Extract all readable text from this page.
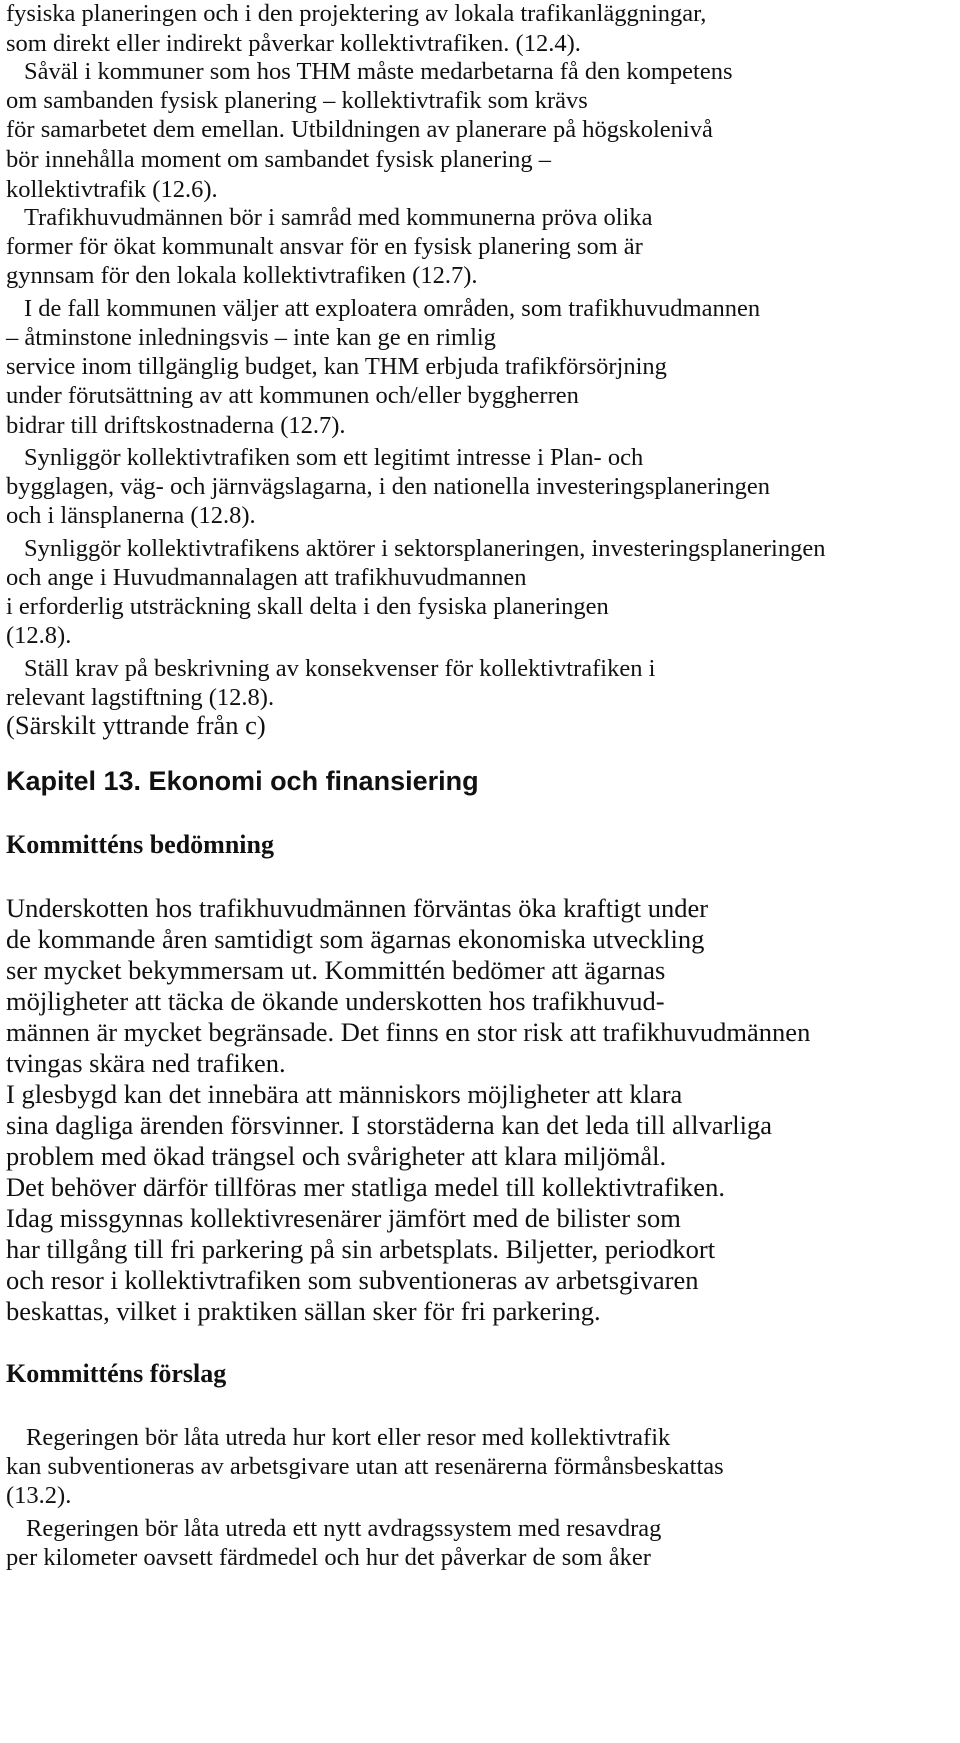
fysiska planeringen och i den projektering av lokala trafikanläggningar,

som direkt eller indirekt påverkar kollektivtrafiken. (12.4).

Såväl i kommuner som hos THM måste medarbetarna få den kompetens

om sambanden fysisk planering – kollektivtrafik som krävs

för samarbetet dem emellan. Utbildningen av planerare på högskolenivå

bör innehålla moment om sambandet fysisk planering –

kollektivtrafik (12.6).

Trafikhuvudmännen bör i samråd med kommunerna pröva olika

former för ökat kommunalt ansvar för en fysisk planering som är

gynnsam för den lokala kollektivtrafiken (12.7).

I de fall kommunen väljer att exploatera områden, som trafikhuvudmannen

– åtminstone inledningsvis – inte kan ge en rimlig

service inom tillgänglig budget, kan THM erbjuda trafikförsörjning

under förutsättning av att kommunen och/eller byggherren

bidrar till driftskostnaderna (12.7).

Synliggör kollektivtrafiken som ett legitimt intresse i Plan- och

bygglagen, väg- och järnvägslagarna, i den nationella investeringsplaneringen

och i länsplanerna (12.8).

Synliggör kollektivtrafikens aktörer i sektorsplaneringen, investeringsplaneringen

och ange i Huvudmannalagen att trafikhuvudmannen

i erforderlig utsträckning skall delta i den fysiska planeringen

(12.8).

Ställ krav på beskrivning av konsekvenser för kollektivtrafiken i

relevant lagstiftning (12.8).

(Särskilt yttrande från c)

Kapitel 13. Ekonomi och finansiering

Kommitténs bedömning

Underskotten hos trafikhuvudmännen förväntas öka kraftigt under

de kommande åren samtidigt som ägarnas ekonomiska utveckling

ser mycket bekymmersam ut. Kommittén bedömer att ägarnas

möjligheter att täcka de ökande underskotten hos trafikhuvud-

männen är mycket begränsade. Det finns en stor risk att trafikhuvudmännen

tvingas skära ned trafiken.

I glesbygd kan det innebära att människors möjligheter att klara

sina dagliga ärenden försvinner. I storstäderna kan det leda till allvarliga

problem med ökad trängsel och svårigheter att klara miljömål.

Det behöver därför tillföras mer statliga medel till kollektivtrafiken.

Idag missgynnas kollektivresenärer jämfört med de bilister som

har tillgång till fri parkering på sin arbetsplats. Biljetter, periodkort

och resor i kollektivtrafiken som subventioneras av arbetsgivaren

beskattas, vilket i praktiken sällan sker för fri parkering.

Kommitténs förslag

Regeringen bör låta utreda hur kort eller resor med kollektivtrafik

kan subventioneras av arbetsgivare utan att resenärerna förmånsbeskattas

(13.2).

Regeringen bör låta utreda ett nytt avdragssystem med resavdrag

per kilometer oavsett färdmedel och hur det påverkar de som åker
